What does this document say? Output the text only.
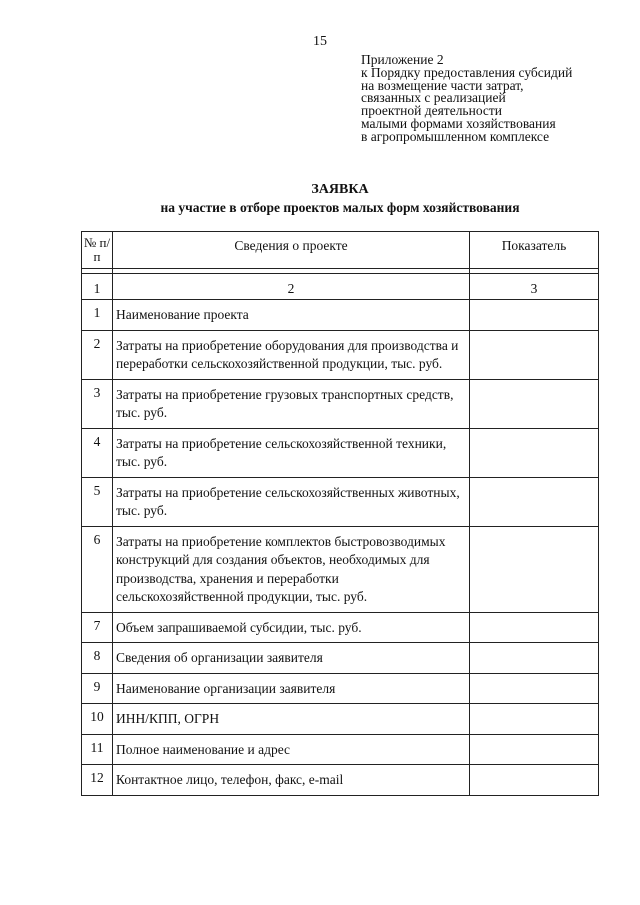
15
Приложение 2
к Порядку предоставления субсидий
на возмещение части затрат,
связанных с реализацией
проектной деятельности
малыми формами хозяйствования
в агропромышленном комплексе
ЗАЯВКА
на участие в отборе проектов малых форм хозяйствования
№ п/п	Сведения о проекте	Показатель

1	2	3
1	Наименование проекта	
2	Затраты на приобретение оборудования для производства и переработки сельскохозяйственной продукции, тыс. руб.	
3	Затраты на приобретение грузовых транспортных средств, тыс. руб.	
4	Затраты на приобретение сельскохозяйственной техники, тыс. руб.	
5	Затраты на приобретение сельскохозяйственных животных, тыс. руб.	
6	Затраты на приобретение комплектов быстровозводимых конструкций для создания объектов, необходимых для производства, хранения и переработки сельскохозяйственной продукции, тыс. руб.	
7	Объем запрашиваемой субсидии, тыс. руб.	
8	Сведения об организации заявителя	
9	Наименование организации заявителя	
10	ИНН/КПП, ОГРН	
11	Полное наименование и адрес	
12	Контактное лицо, телефон, факс, e-mail	
